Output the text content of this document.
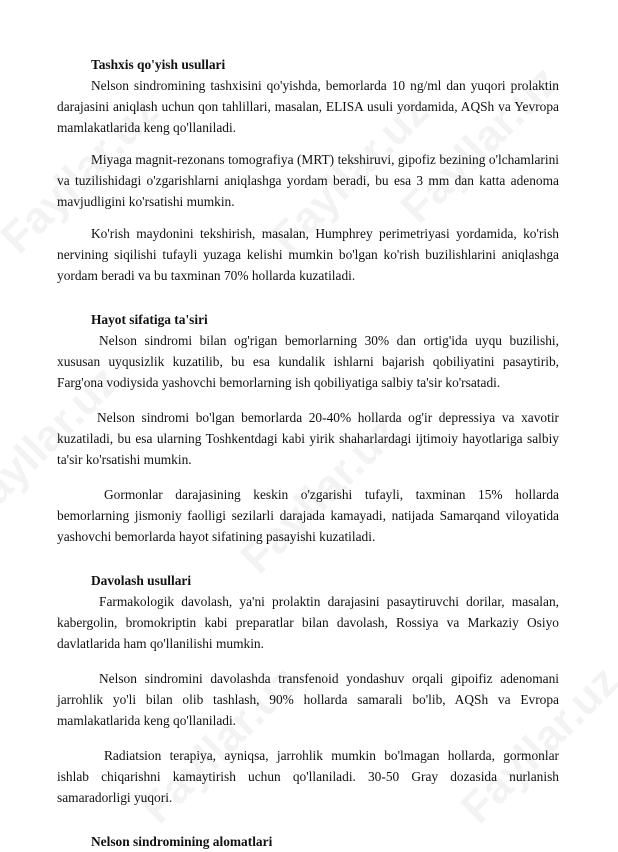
Tashxis qo'yish usullari

Nelson sindromining tashxisini qo'yishda, bemorlarda 10 ng/ml dan yuqori prolaktin darajasini aniqlash uchun qon tahlillari, masalan, ELISA usuli yordamida, AQSh va Yevropa mamlakatlarida keng qo'llaniladi.

Miyaga magnit-rezonans tomografiya (MRT) tekshiruvi, gipofiz bezining o'lchamlarini va tuzilishidagi o'zgarishlarni aniqlashga yordam beradi, bu esa 3 mm dan katta adenoma mavjudligini ko'rsatishi mumkin.

Ko'rish maydonini tekshirish, masalan, Humphrey perimetriyasi yordamida, ko'rish nervining siqilishi tufayli yuzaga kelishi mumkin bo'lgan ko'rish buzilishlarini aniqlashga yordam beradi va bu taxminan 70% hollarda kuzatiladi.

Hayot sifatiga ta'siri

Nelson sindromi bilan og'rigan bemorlarning 30% dan ortig'ida uyqu buzilishi, xususan uyqusizlik kuzatilib, bu esa kundalik ishlarni bajarish qobiliyatini pasaytirib, Farg'ona vodiysida yashovchi bemorlarning ish qobiliyatiga salbiy ta'sir ko'rsatadi.

Nelson sindromi bo'lgan bemorlarda 20-40% hollarda og'ir depressiya va xavotir kuzatiladi, bu esa ularning Toshkentdagi kabi yirik shaharlardagi ijtimoiy hayotlariga salbiy ta'sir ko'rsatishi mumkin.

Gormonlar darajasining keskin o'zgarishi tufayli, taxminan 15% hollarda bemorlarning jismoniy faolligi sezilarli darajada kamayadi, natijada Samarqand viloyatida yashovchi bemorlarda hayot sifatining pasayishi kuzatiladi.

Davolash usullari

Farmakologik davolash, ya'ni prolaktin darajasini pasaytiruvchi dorilar, masalan, kabergolin, bromokriptin kabi preparatlar bilan davolash, Rossiya va Markaziy Osiyo davlatlarida ham qo'llanilishi mumkin.

Nelson sindromini davolashda transfenoid yondashuv orqali gipoifiz adenomani jarrohlik yo'li bilan olib tashlash, 90% hollarda samarali bo'lib, AQSh va Evropa mamlakatlarida keng qo'llaniladi.

Radiatsion terapiya, ayniqsa, jarrohlik mumkin bo'lmagan hollarda, gormonlar ishlab chiqarishni kamaytirish uchun qo'llaniladi. 30-50 Gray dozasida nurlanish samaradorligi yuqori.

Nelson sindromining alomatlari
